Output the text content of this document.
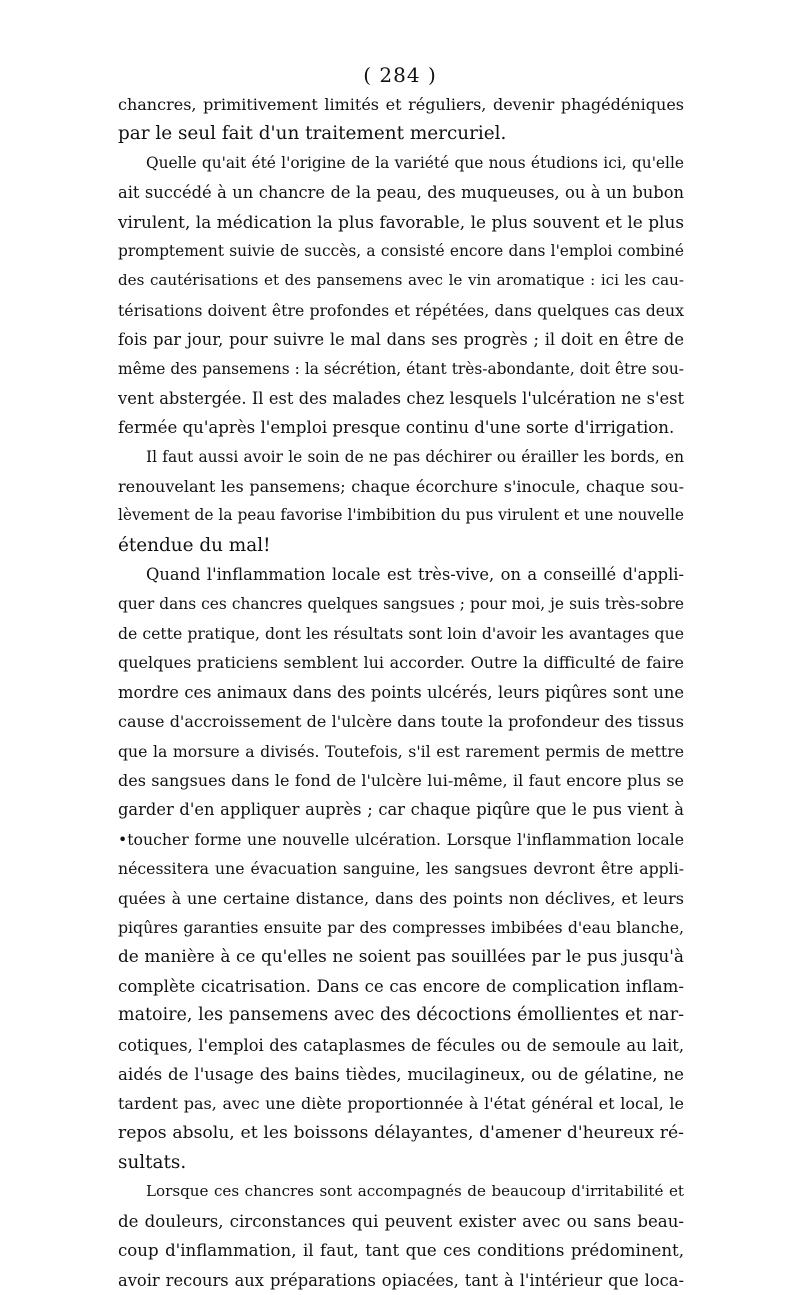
( 284 )
chancres, primitivement limités et réguliers, devenir phagédéniques
par le seul fait d'un traitement mercuriel.
Quelle qu'ait été l'origine de la variété que nous étudions ici, qu'elle
ait succédé à un chancre de la peau, des muqueuses, ou à un bubon
virulent, la médication la plus favorable, le plus souvent et le plus
promptement suivie de succès, a consisté encore dans l'emploi combiné
des cautérisations et des pansemens avec le vin aromatique : ici les cau-
térisations doivent être profondes et répétées, dans quelques cas deux
fois par jour, pour suivre le mal dans ses progrès ; il doit en être de
même des pansemens : la sécrétion, étant très-abondante, doit être sou-
vent abstergée. Il est des malades chez lesquels l'ulcération ne s'est
fermée qu'après l'emploi presque continu d'une sorte d'irrigation.
Il faut aussi avoir le soin de ne pas déchirer ou érailler les bords, en
renouvelant les pansemens; chaque écorchure s'inocule, chaque sou-
lèvement de la peau favorise l'imbibition du pus virulent et une nouvelle
étendue du mal!
Quand l'inflammation locale est très-vive, on a conseillé d'appli-
quer dans ces chancres quelques sangsues ; pour moi, je suis très-sobre
de cette pratique, dont les résultats sont loin d'avoir les avantages que
quelques praticiens semblent lui accorder. Outre la difficulté de faire
mordre ces animaux dans des points ulcérés, leurs piqûres sont une
cause d'accroissement de l'ulcère dans toute la profondeur des tissus
que la morsure a divisés. Toutefois, s'il est rarement permis de mettre
des sangsues dans le fond de l'ulcère lui-même, il faut encore plus se
garder d'en appliquer auprès ; car chaque piqûre que le pus vient à
•toucher forme une nouvelle ulcération. Lorsque l'inflammation locale
nécessitera une évacuation sanguine, les sangsues devront être appli-
quées à une certaine distance, dans des points non déclives, et leurs
piqûres garanties ensuite par des compresses imbibées d'eau blanche,
de manière à ce qu'elles ne soient pas souillées par le pus jusqu'à
complète cicatrisation. Dans ce cas encore de complication inflam-
matoire, les pansemens avec des décoctions émollientes et nar-
cotiques, l'emploi des cataplasmes de fécules ou de semoule au lait,
aidés de l'usage des bains tièdes, mucilagineux, ou de gélatine, ne
tardent pas, avec une diète proportionnée à l'état général et local, le
repos absolu, et les boissons délayantes, d'amener d'heureux ré-
sultats.
Lorsque ces chancres sont accompagnés de beaucoup d'irritabilité et
de douleurs, circonstances qui peuvent exister avec ou sans beau-
coup d'inflammation, il faut, tant que ces conditions prédominent,
avoir recours aux préparations opiacées, tant à l'intérieur que loca-
